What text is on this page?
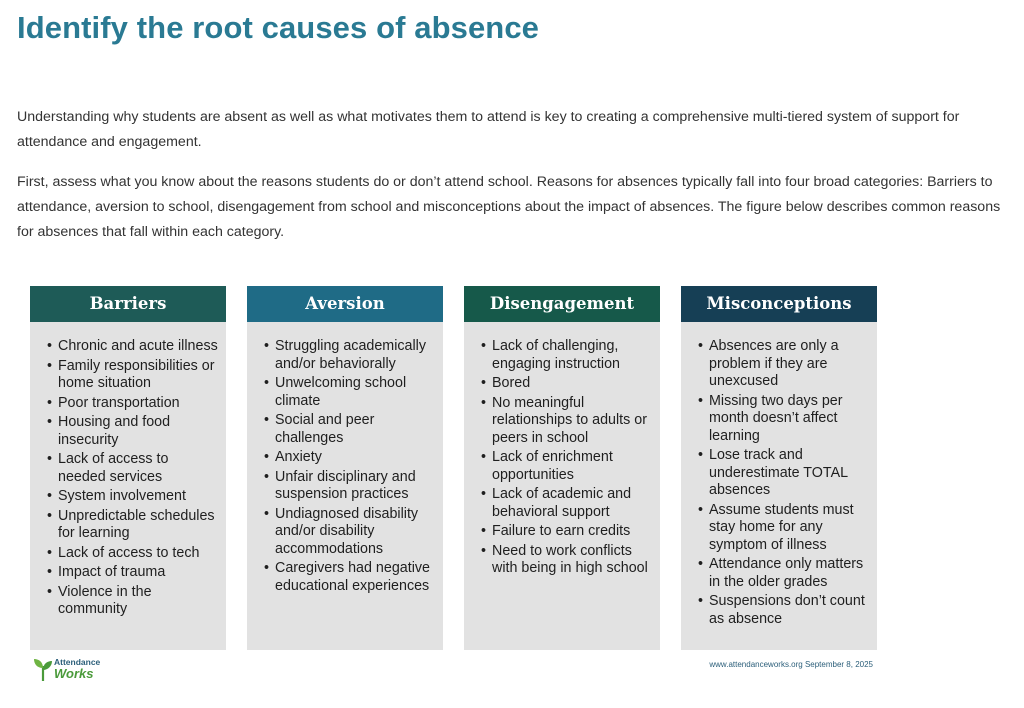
Identify the root causes of absence

Understanding why students are absent as well as what motivates them to attend is key to creating a comprehensive multi-tiered system of support for attendance and engagement.

First, assess what you know about the reasons students do or don’t attend school. Reasons for absences typically fall into four broad categories: Barriers to attendance, aversion to school, disengagement from school and misconceptions about the impact of absences. The figure below describes common reasons for absences that fall within each category.

Barriers
• Chronic and acute illness
• Family responsibilities or home situation
• Poor transportation
• Housing and food insecurity
• Lack of access to needed services
• System involvement
• Unpredictable schedules for learning
• Lack of access to tech
• Impact of trauma
• Violence in the community
Aversion
• Struggling academically and/or behaviorally
• Unwelcoming school climate
• Social and peer challenges
• Anxiety
• Unfair disciplinary and suspension practices
• Undiagnosed disability and/or disability accommodations
• Caregivers had negative educational experiences
Disengagement
• Lack of challenging, engaging instruction
• Bored
• No meaningful relationships to adults or peers in school
• Lack of enrichment opportunities
• Lack of academic and behavioral support
• Failure to earn credits
• Need to work conflicts with being in high school
Misconceptions
• Absences are only a problem if they are unexcused
• Missing two days per month doesn’t affect learning
• Lose track and underestimate TOTAL absences
• Assume students must stay home for any symptom of illness
• Attendance only matters in the older grades
• Suspensions don’t count as absence
Attendance
Works
www.attendanceworks.org September 8, 2025
